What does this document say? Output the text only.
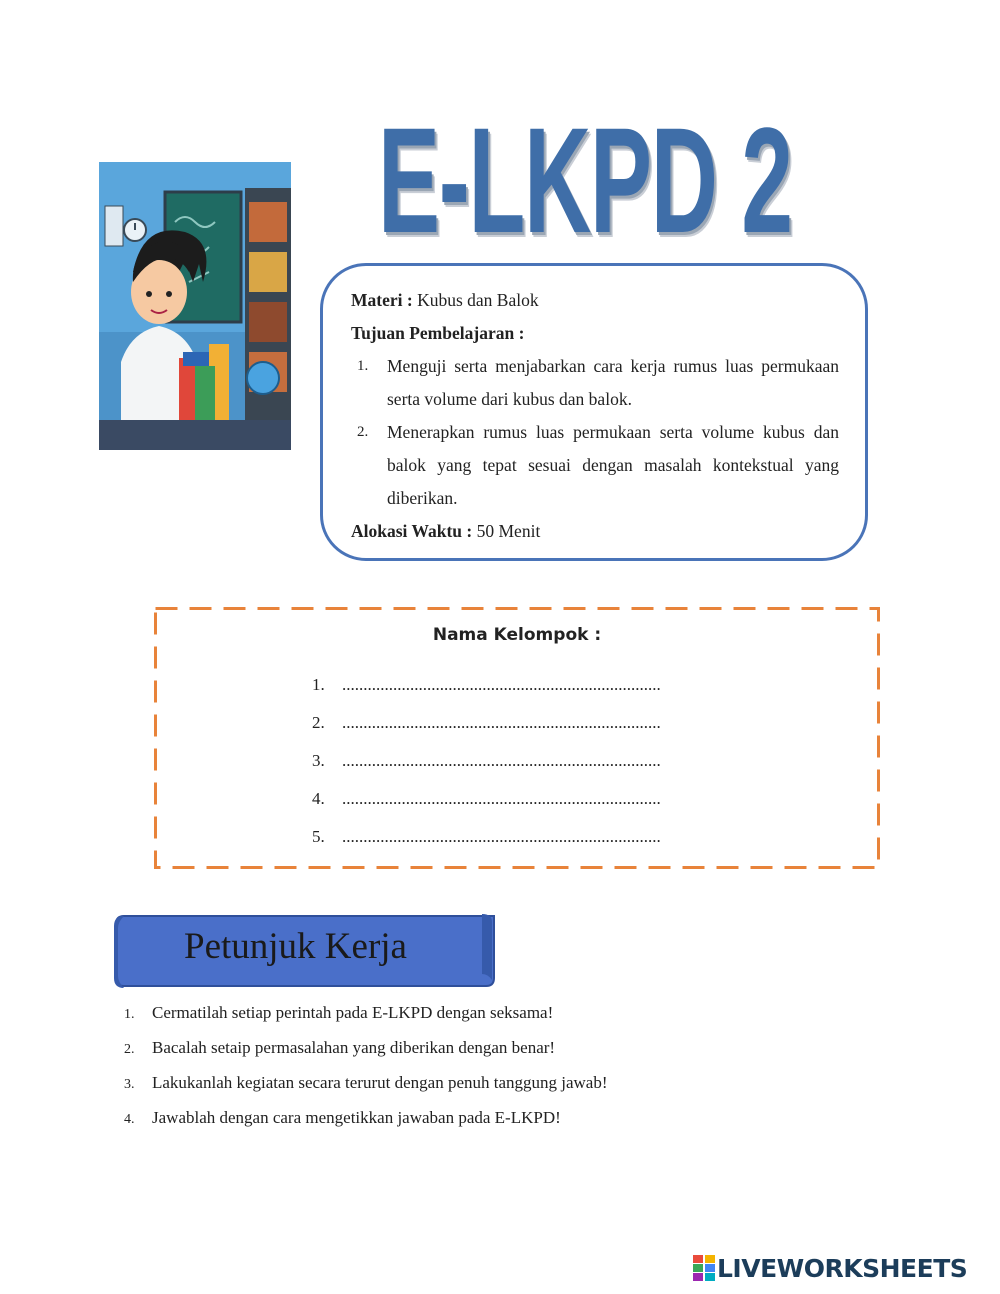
E-LKPD 2
Materi : Kubus dan Balok
Tujuan Pembelajaran :
1. Menguji serta menjabarkan cara kerja rumus luas permukaan serta volume dari kubus dan balok.
2. Menerapkan rumus luas permukaan serta volume kubus dan balok yang tepat sesuai dengan masalah kontekstual yang diberikan.
Alokasi Waktu : 50 Menit
Nama Kelompok :
1. ...........................................................................
2. ...........................................................................
3. ...........................................................................
4. ...........................................................................
5. ...........................................................................
Petunjuk Kerja
1. Cermatilah setiap perintah pada E-LKPD dengan seksama!
2. Bacalah setaip permasalahan yang diberikan dengan benar!
3. Lakukanlah kegiatan secara terurut dengan penuh tanggung jawab!
4. Jawablah dengan cara mengetikkan jawaban pada E-LKPD!
LIVEWORKSHEETS
